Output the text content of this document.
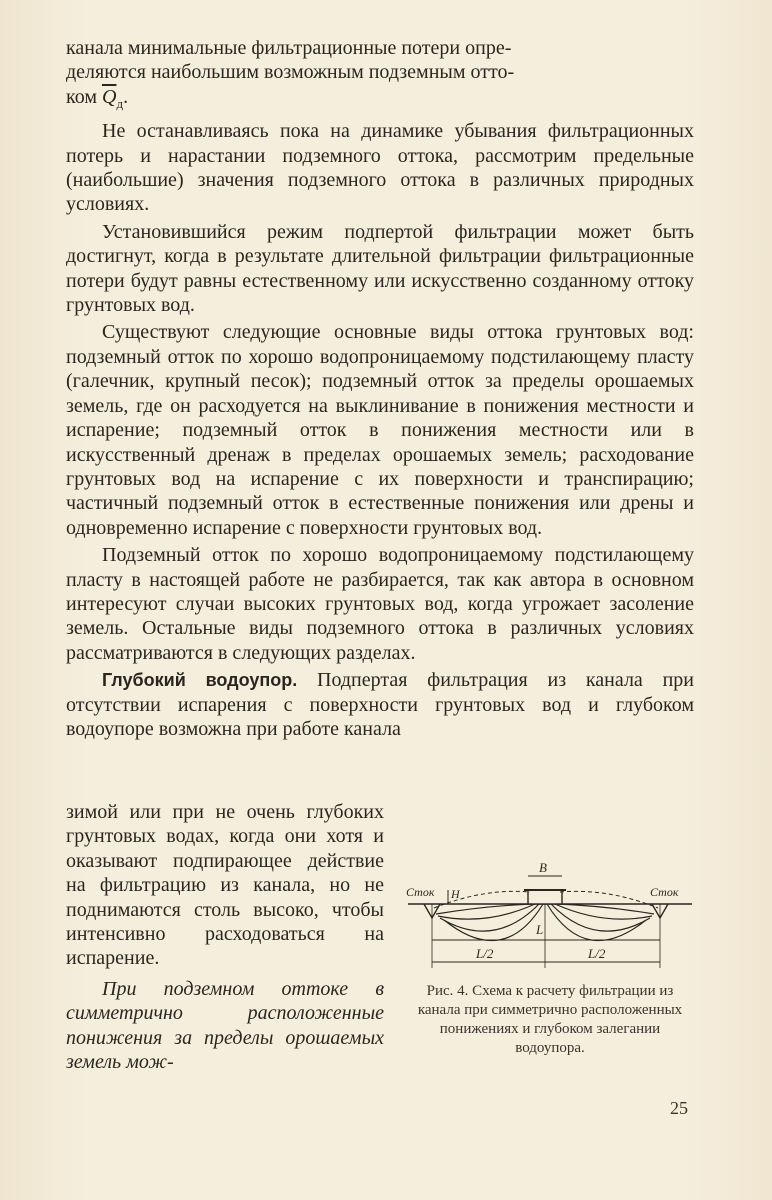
канала минимальные фильтрационные потери опре-
деляются наибольшим возможным подземным отто-
ком $\overline{Q}_д$.

Не останавливаясь пока на динамике убывания фильтрационных потерь и нарастании подземного оттока, рассмотрим предельные (наибольшие) значения подземного оттока в различных природных условиях.

Установившийся режим подпертой фильтрации может быть достигнут, когда в результате длительной фильтрации фильтрационные потери будут равны естественному или искусственно созданному оттоку грунтовых вод.

Существуют следующие основные виды оттока грунтовых вод: подземный отток по хорошо водопроницаемому подстилающему пласту (галечник, крупный песок); подземный отток за пределы орошаемых земель, где он расходуется на выклинивание в понижения местности и испарение; подземный отток в понижения местности или в искусственный дренаж в пределах орошаемых земель; расходование грунтовых вод на испарение с их поверхности и транспирацию; частичный подземный отток в естественные понижения или дрены и одновременно испарение с поверхности грунтовых вод.

Подземный отток по хорошо водопроницаемому подстилающему пласту в настоящей работе не разбирается, так как автора в основном интересуют случаи высоких грунтовых вод, когда угрожает засоление земель. Остальные виды подземного оттока в различных условиях рассматриваются в следующих разделах.

Глубокий водоупор. Подпертая фильтрация из канала при отсутствии испарения с поверхности грунтовых вод и глубоком водоупоре возможна при работе канала

зимой или при не очень глубоких грунтовых водах, когда они хотя и оказывают подпирающее действие на фильтрацию из канала, но не поднимаются столь высоко, чтобы интенсивно расходоваться на испарение.

При подземном оттоке в симметрично расположенные понижения за пределы орошаемых земель мож-

B
H
Сток	Сток
L
L/2	L/2
Рис. 4. Схема к расчету фильтрации из канала при симметрично расположенных понижениях и глубоком залегании водоупора.
25
